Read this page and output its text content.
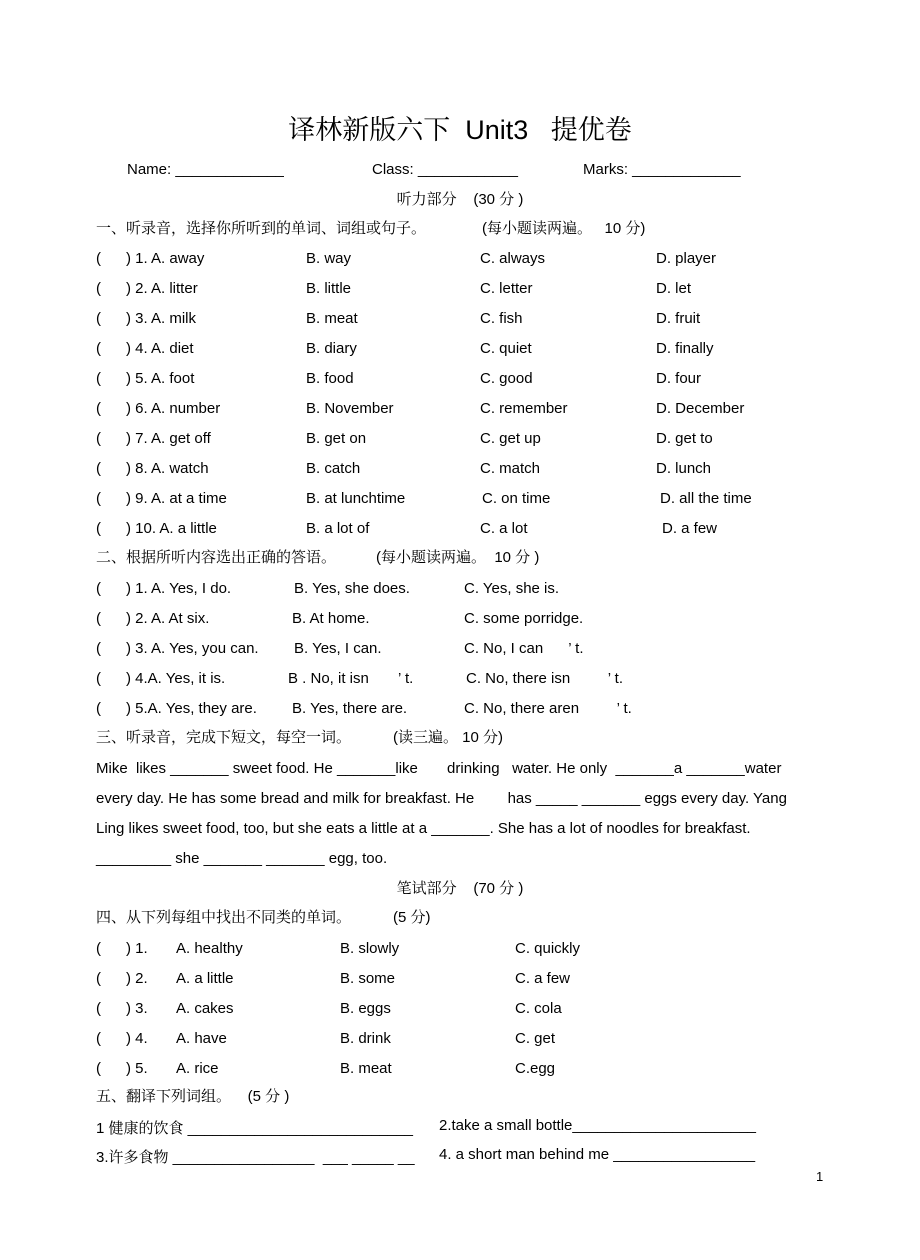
译林新版六下  Unit3   提优卷
Name: _____________	Class: ____________	Marks: _____________
听力部分    (30 分 )
一、听录音，选择你所听到的单词、词组或句子。	(每小题读两遍。   10 分)
(      ) 1. A. away	B. way	C. always	D. player
(      ) 2. A. litter	B. little	C. letter	D. let
(      ) 3. A. milk	B. meat	C. fish	D. fruit
(      ) 4. A. diet	B. diary	C. quiet	D. finally
(      ) 5. A. foot	B. food	C. good	D. four
(      ) 6. A. number	B. November	C. remember	D. December
(      ) 7. A. get off	B. get on	C. get up	D. get to
(      ) 8. A. watch	B. catch	C. match	D. lunch
(      ) 9. A. at a time	B. at lunchtime	C. on time	D. all the time
(      ) 10. A. a little	B. a lot of	C. a lot	D. a few
二、根据所听内容选出正确的答语。	(每小题读两遍。  10 分 )
(      ) 1. A. Yes, I do.	B. Yes, she does.	C. Yes, she is.
(      ) 2. A. At six.	B. At home.	C. some porridge.
(      ) 3. A. Yes, you can. B. Yes, I can.	C. No, I can      ’ t.
(      ) 4.A. Yes, it is.	B . No, it isn       ’ t.	C. No, there isn         ’ t.
(      ) 5.A. Yes, they are. B. Yes, there are.	C. No, there aren         ’ t.
三、听录音，完成下短文，每空一词。	(读三遍。 10 分)
Mike  likes _______ sweet food. He _______like       drinking   water. He only  _______a _______water
every day. He has some bread and milk for breakfast. He        has _____ _______ eggs every day. Yang
Ling likes sweet food, too, but she eats a little at a _______. She has a lot of noodles for breakfast.
_________ she _______ _______ egg, too.
笔试部分    (70 分 )
四、从下列每组中找出不同类的单词。	(5 分)
(      ) 1. A. healthy	B. slowly	C. quickly
(      ) 2. A. a little	B. some	C. a few
(      ) 3. A. cakes	B. eggs	C. cola
(      ) 4. A. have	B. drink	C. get
(      ) 5. A. rice	B. meat	C.egg
五、翻译下列词组。    (5 分 )
1 健康的饮食 ___________________________ 2.take a small bottle______________________
3.许多食物 _________________  ___ _____ __ 4. a short man behind me _________________
1
